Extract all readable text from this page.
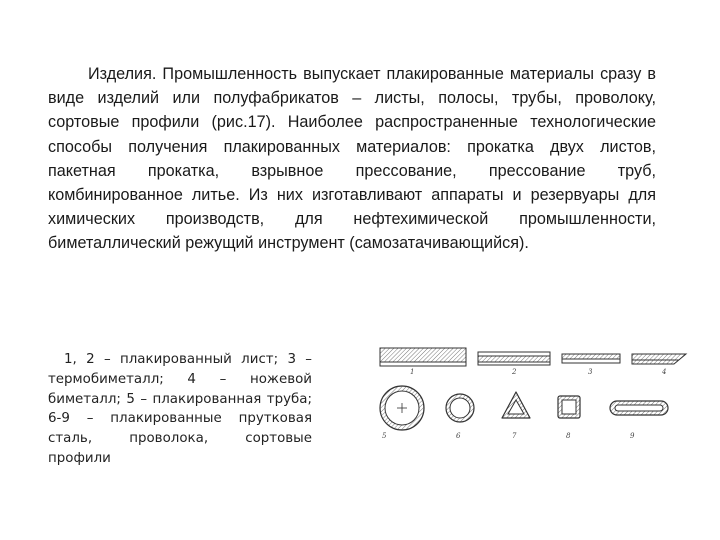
Изделия. Промышленность выпускает плакированные материалы сразу в виде изделий или полуфабрикатов – листы, полосы, трубы, проволоку, сортовые профили (рис.17). Наиболее распространенные технологические способы получения плакированных материалов: прокатка двух листов, пакетная прокатка, взрывное прессование, прессование труб, комбинированное литье. Из них изготавливают аппараты и резервуары для химических производств, для нефтехимической промышленности, биметаллический режущий инструмент (самозатачивающийся).
1, 2 – плакированный лист; 3 – термобиметалл; 4 – ножевой биметалл; 5 – плакированная труба; 6-9 – плакированные прутковая сталь, проволока, сортовые профили
1	2	3	4
5	6	7	8	9
